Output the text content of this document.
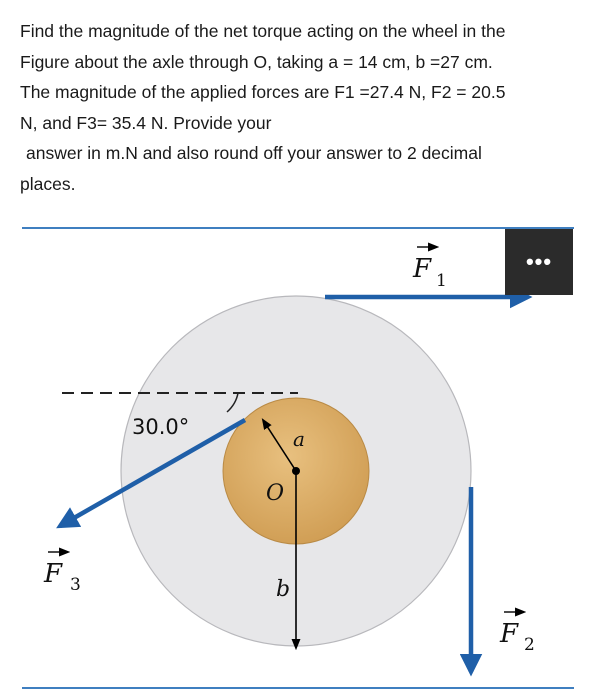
Find the magnitude of the net torque acting on the wheel in the

Figure about the axle through O, taking a = 14 cm, b =27 cm.

The magnitude of the applied forces are F1 =27.4 N, F2 = 20.5

N, and F3= 35.4 N. Provide your

answer in m.N and also round off your answer to 2 decimal

places.

30.0°	a
O
b
F 1
F 2
F 3
•••
